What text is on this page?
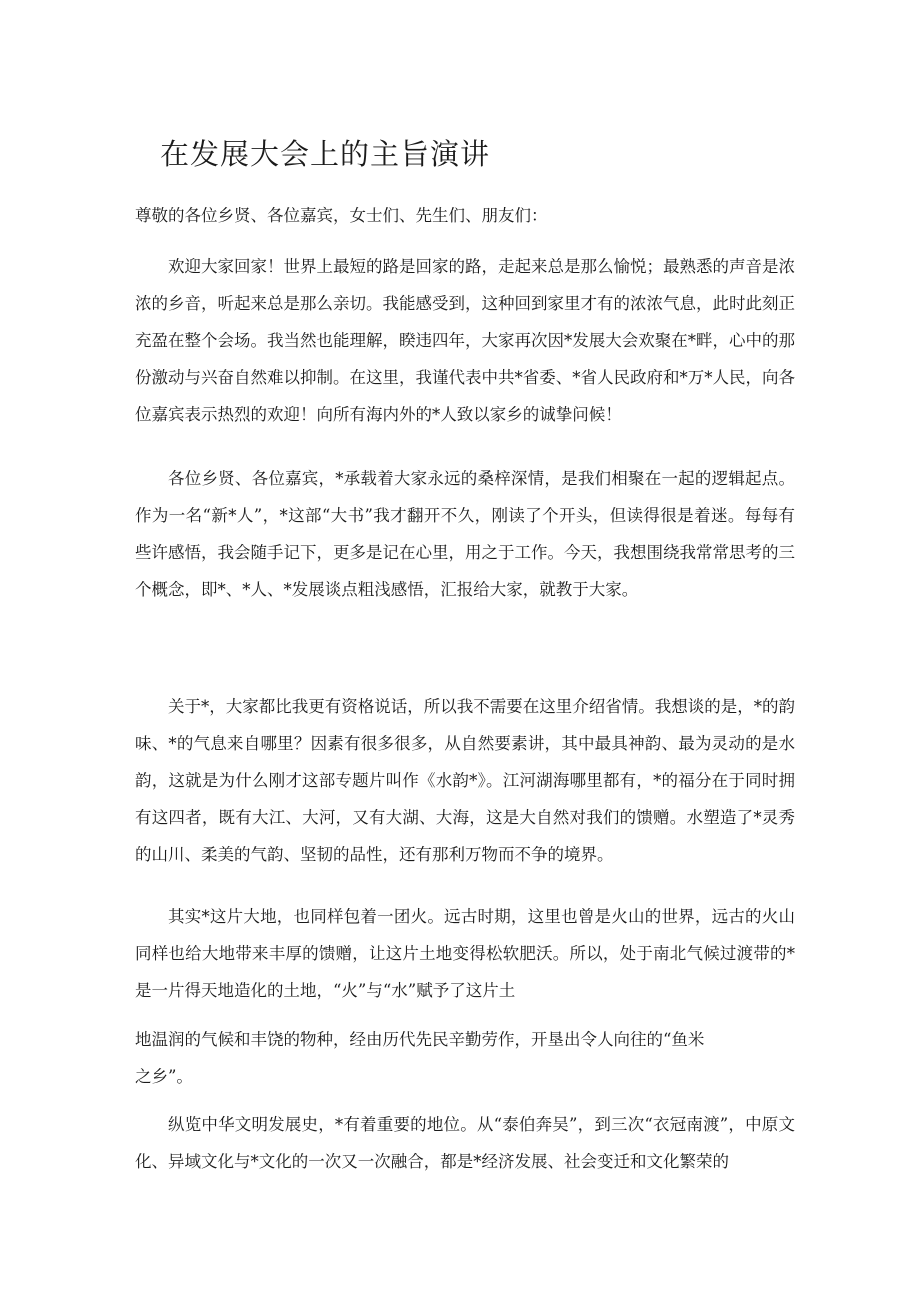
在发展大会上的主旨演讲

尊敬的各位乡贤、各位嘉宾，女士们、先生们、朋友们：

欢迎大家回家！世界上最短的路是回家的路，走起来总是那么愉悦；最熟悉的声音是浓浓的乡音，听起来总是那么亲切。我能感受到，这种回到家里才有的浓浓气息，此时此刻正充盈在整个会场。我当然也能理解，睽违四年，大家再次因*发展大会欢聚在*畔，心中的那份激动与兴奋自然难以抑制。在这里，我谨代表中共*省委、*省人民政府和*万*人民，向各位嘉宾表示热烈的欢迎！向所有海内外的*人致以家乡的诚挚问候！

各位乡贤、各位嘉宾，*承载着大家永远的桑梓深情，是我们相聚在一起的逻辑起点。作为一名“新*人”，*这部“大书”我才翻开不久，刚读了个开头，但读得很是着迷。每每有些许感悟，我会随手记下，更多是记在心里，用之于工作。今天，我想围绕我常常思考的三个概念，即*、*人、*发展谈点粗浅感悟，汇报给大家，就教于大家。

关于*，大家都比我更有资格说话，所以我不需要在这里介绍省情。我想谈的是，*的韵味、*的气息来自哪里？因素有很多很多，从自然要素讲，其中最具神韵、最为灵动的是水韵，这就是为什么刚才这部专题片叫作《水韵*》。江河湖海哪里都有，*的福分在于同时拥有这四者，既有大江、大河，又有大湖、大海，这是大自然对我们的馈赠。水塑造了*灵秀的山川、柔美的气韵、坚韧的品性，还有那利万物而不争的境界。

其实*这片大地，也同样包着一团火。远古时期，这里也曾是火山的世界，远古的火山同样也给大地带来丰厚的馈赠，让这片土地变得松软肥沃。所以，处于南北气候过渡带的*是一片得天地造化的土地，“火”与“水”赋予了这片土

地温润的气候和丰饶的物种，经由历代先民辛勤劳作，开垦出令人向往的“鱼米

之乡”。

纵览中华文明发展史，*有着重要的地位。从“泰伯奔吴”，到三次“衣冠南渡”，中原文化、异域文化与*文化的一次又一次融合，都是*经济发展、社会变迁和文化繁荣的
